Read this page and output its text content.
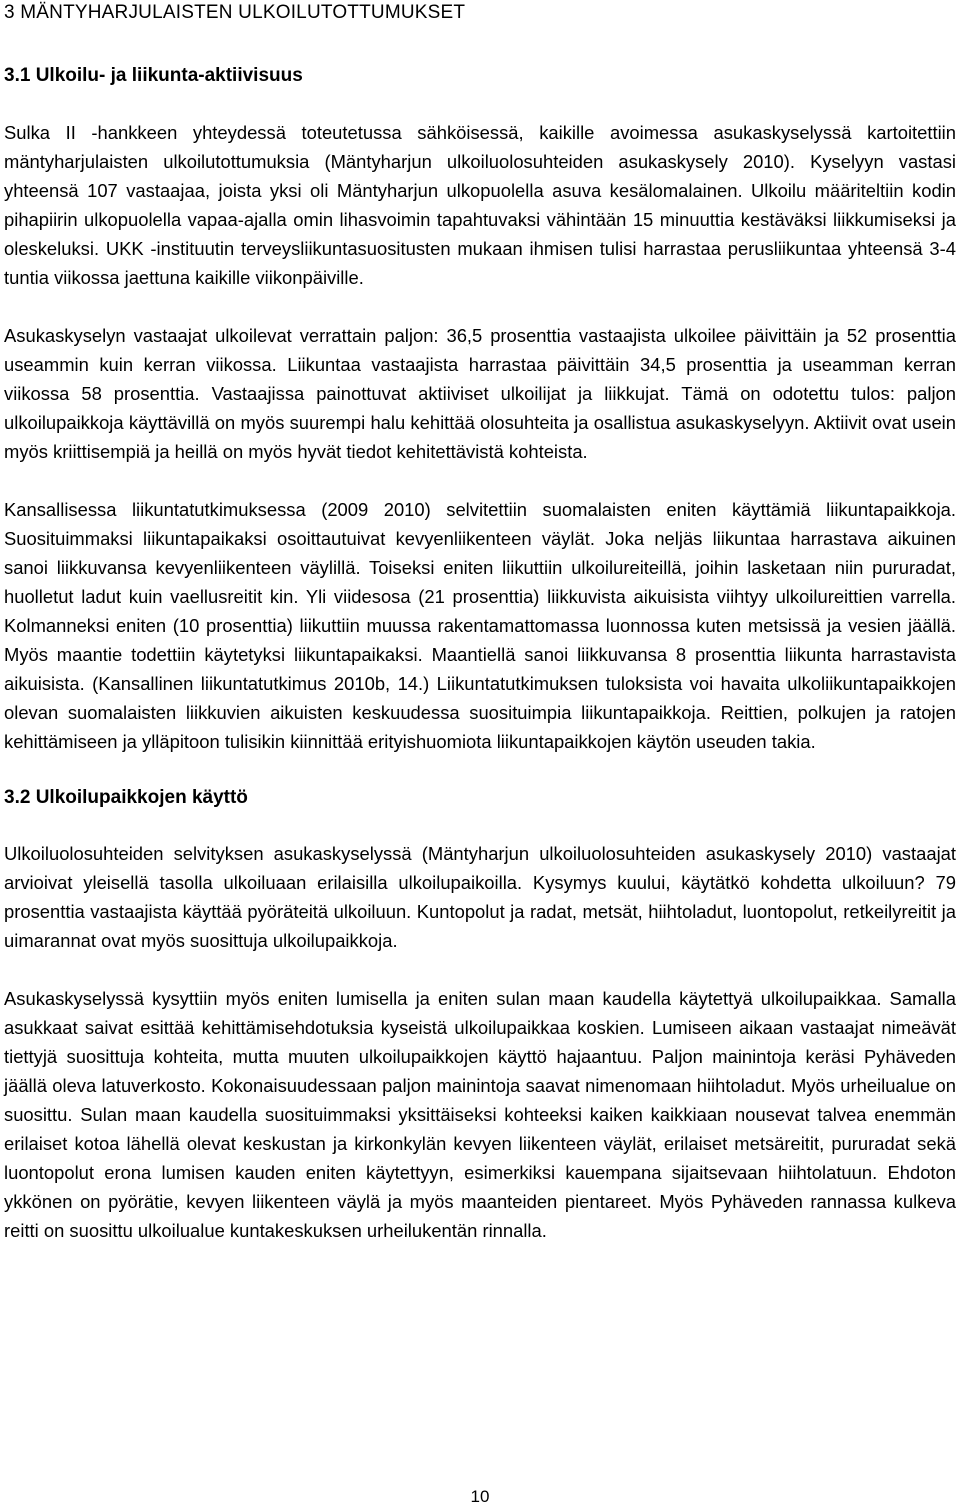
3 MÄNTYHARJULAISTEN ULKOILUTOTTUMUKSET
3.1 Ulkoilu- ja liikunta-aktiivisuus

Sulka II -hankkeen yhteydessä toteutetussa sähköisessä, kaikille avoimessa asukaskyselyssä kartoitettiin mäntyharjulaisten ulkoilutottumuksia (Mäntyharjun ulkoiluolosuhteiden asukaskysely 2010). Kyselyyn vastasi yhteensä 107 vastaajaa, joista yksi oli Mäntyharjun ulkopuolella asuva kesälomalainen. Ulkoilu määriteltiin kodin pihapiirin ulkopuolella vapaa-ajalla omin lihasvoimin tapahtuvaksi vähintään 15 minuuttia kestäväksi liikkumiseksi ja oleskeluksi. UKK -instituutin terveysliikuntasuositusten mukaan ihmisen tulisi harrastaa perusliikuntaa yhteensä 3-4 tuntia viikossa jaettuna kaikille viikonpäiville.

Asukaskyselyn vastaajat ulkoilevat verrattain paljon: 36,5 prosenttia vastaajista ulkoilee päivittäin ja 52 prosenttia useammin kuin kerran viikossa. Liikuntaa vastaajista harrastaa päivittäin 34,5 prosenttia ja useamman kerran viikossa 58 prosenttia. Vastaajissa painottuvat aktiiviset ulkoilijat ja liikkujat. Tämä on odotettu tulos: paljon ulkoilupaikkoja käyttävillä on myös suurempi halu kehittää olosuhteita ja osallistua asukaskyselyyn. Aktiivit ovat usein myös kriittisempiä ja heillä on myös hyvät tiedot kehitettävistä kohteista.

Kansallisessa liikuntatutkimuksessa (2009 2010) selvitettiin suomalaisten eniten käyttämiä liikuntapaikkoja. Suosituimmaksi liikuntapaikaksi osoittautuivat kevyenliikenteen väylät. Joka neljäs liikuntaa harrastava aikuinen sanoi liikkuvansa kevyenliikenteen väylillä. Toiseksi eniten liikuttiin ulkoilureiteillä, joihin lasketaan niin pururadat, huolletut ladut kuin vaellusreitit kin. Yli viidesosa (21 prosenttia) liikkuvista aikuisista viihtyy ulkoilureittien varrella. Kolmanneksi eniten (10 prosenttia) liikuttiin muussa rakentamattomassa luonnossa kuten metsissä ja vesien jäällä. Myös maantie todettiin käytetyksi liikuntapaikaksi. Maantiellä sanoi liikkuvansa 8 prosenttia liikunta harrastavista aikuisista. (Kansallinen liikuntatutkimus 2010b, 14.) Liikuntatutkimuksen tuloksista voi havaita ulkoliikuntapaikkojen olevan suomalaisten liikkuvien aikuisten keskuudessa suosituimpia liikuntapaikkoja. Reittien, polkujen ja ratojen kehittämiseen ja ylläpitoon tulisikin kiinnittää erityishuomiota liikuntapaikkojen käytön useuden takia.

3.2 Ulkoilupaikkojen käyttö

Ulkoiluolosuhteiden selvityksen asukaskyselyssä (Mäntyharjun ulkoiluolosuhteiden asukaskysely 2010) vastaajat arvioivat yleisellä tasolla ulkoiluaan erilaisilla ulkoilupaikoilla. Kysymys kuului, käytätkö kohdetta ulkoiluun? 79 prosenttia vastaajista käyttää pyöräteitä ulkoiluun. Kuntopolut ja radat, metsät, hiihtoladut, luontopolut, retkeilyreitit ja uimarannat ovat myös suosittuja ulkoilupaikkoja.

Asukaskyselyssä kysyttiin myös eniten lumisella ja eniten sulan maan kaudella käytettyä ulkoilupaikkaa. Samalla asukkaat saivat esittää kehittämisehdotuksia kyseistä ulkoilupaikkaa koskien. Lumiseen aikaan vastaajat nimeävät tiettyjä suosittuja kohteita, mutta muuten ulkoilupaikkojen käyttö hajaantuu. Paljon mainintoja keräsi Pyhäveden jäällä oleva latuverkosto. Kokonaisuudessaan paljon mainintoja saavat nimenomaan hiihtoladut. Myös urheilualue on suosittu. Sulan maan kaudella suosituimmaksi yksittäiseksi kohteeksi kaiken kaikkiaan nousevat talvea enemmän erilaiset kotoa lähellä olevat keskustan ja kirkonkylän kevyen liikenteen väylät, erilaiset metsäreitit, pururadat sekä luontopolut erona lumisen kauden eniten käytettyyn, esimerkiksi kauempana sijaitsevaan hiihtolatuun. Ehdoton ykkönen on pyörätie, kevyen liikenteen väylä ja myös maanteiden pientareet. Myös Pyhäveden rannassa kulkeva reitti on suosittu ulkoilualue kuntakeskuksen urheilukentän rinnalla.

10
